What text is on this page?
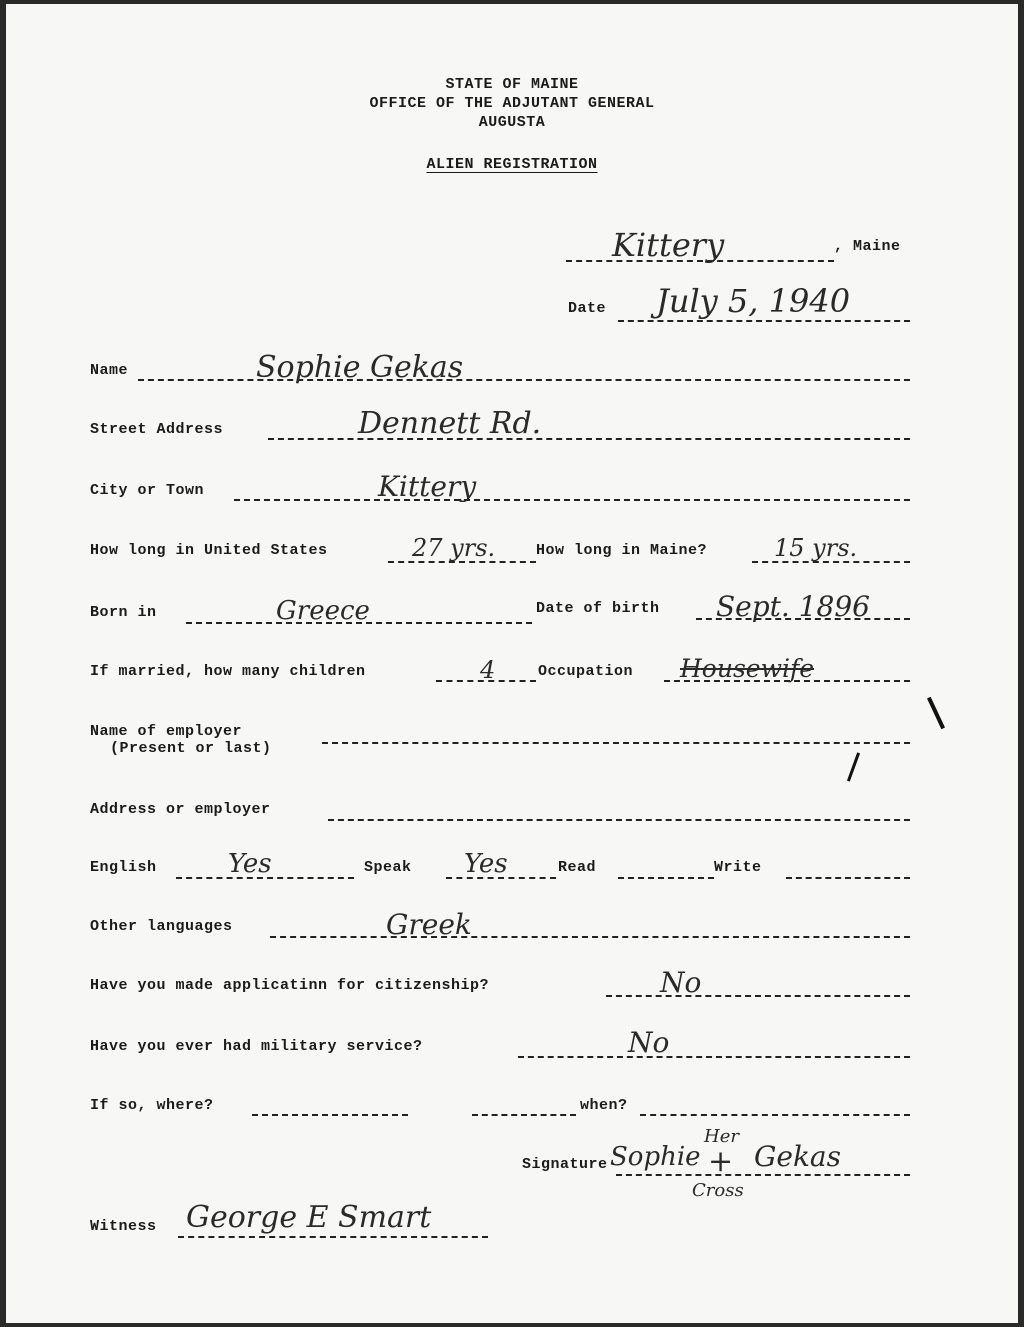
STATE OF MAINE
OFFICE OF THE ADJUTANT GENERAL
AUGUSTA
ALIEN REGISTRATION
Kittery	, Maine
Date July 5, 1940
Name	Sophie Gekas
Street Address	Dennett Rd.
City or Town	Kittery
How long in United States	27 yrs.	How long in Maine?	15 yrs.
Born in	Greece	Date of birth Sept. 1896
If married, how many children	4	Occupation Housewife
Name of employer
(Present or last)
Address or employer
English	Yes	Speak Yes	Read	Write
Other languages	Greek
Have you made applicatinn for citizenship?	No
Have you ever had military service?	No
If so, where?	when?
Signature Sophie
Her
+ Gekas
Cross
Witness George E Smart
